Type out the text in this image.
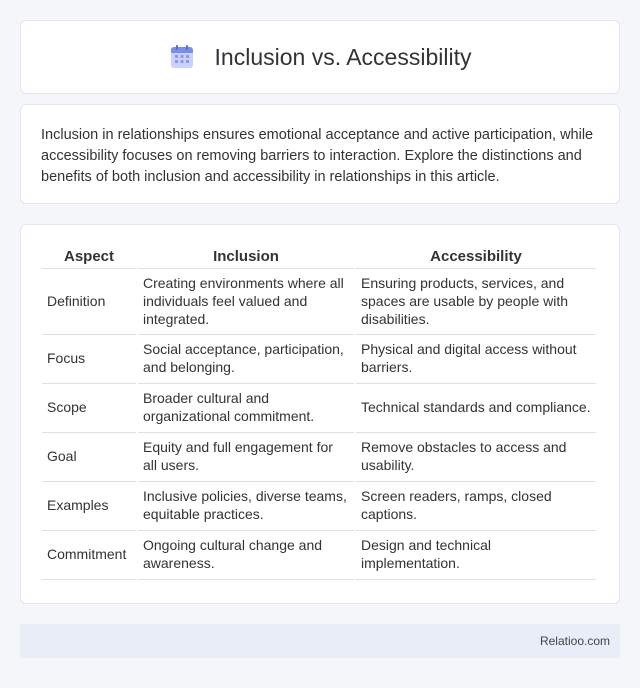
Inclusion vs. Accessibility

Inclusion in relationships ensures emotional acceptance and active participation, while accessibility focuses on removing barriers to interaction. Explore the distinctions and benefits of both inclusion and accessibility in relationships in this article.

Aspect	Inclusion	Accessibility
Definition	Creating environments where all individuals feel valued and integrated.	Ensuring products, services, and spaces are usable by people with disabilities.
Focus	Social acceptance, participation, and belonging.	Physical and digital access without barriers.
Scope	Broader cultural and organizational commitment.	Technical standards and compliance.
Goal	Equity and full engagement for all users.	Remove obstacles to access and usability.
Examples	Inclusive policies, diverse teams, equitable practices.	Screen readers, ramps, closed captions.
Commitment	Ongoing cultural change and awareness.	Design and technical implementation.
Relatioo.com
